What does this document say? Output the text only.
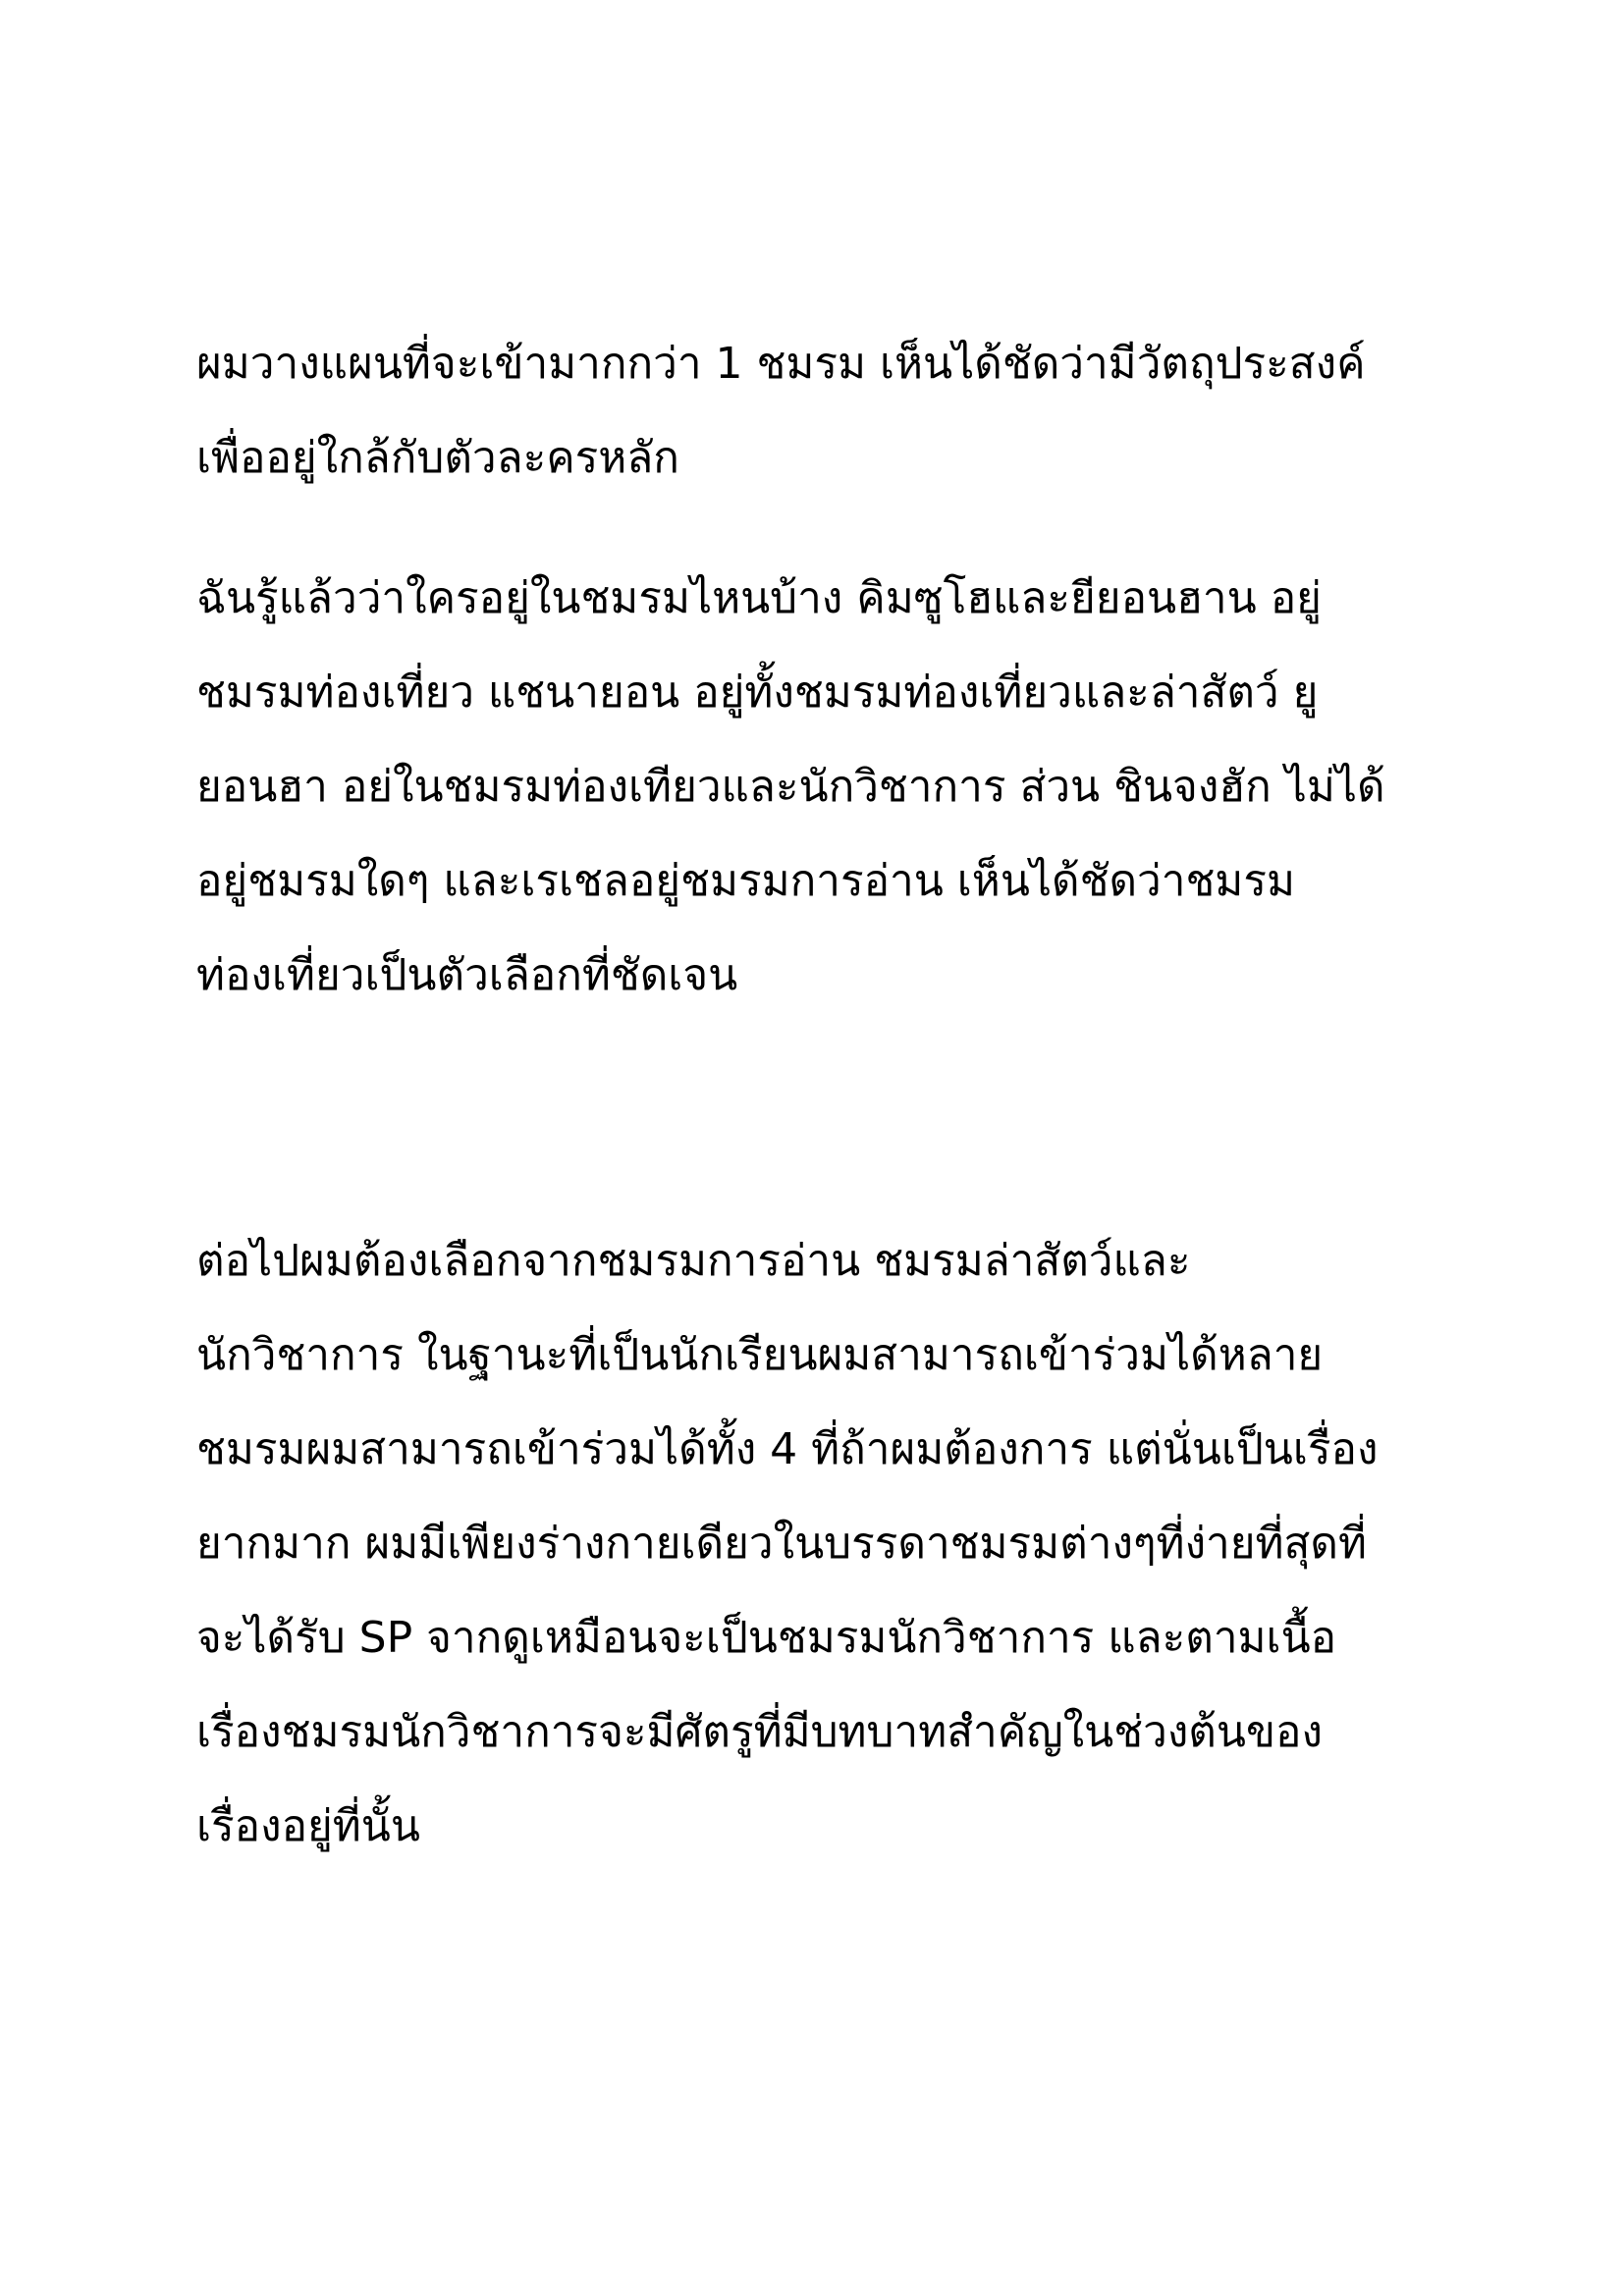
ผมวางแผนที่จะเข้ามากกว่า 1 ชมรม เห็นได้ชัดว่ามีวัตถุประสงค์
เพื่ออยู่ใกล้กับตัวละครหลัก
ฉันรู้แล้วว่าใครอยู่ในชมรมไหนบ้าง คิมซูโฮและยียอนฮาน อยู่
ชมรมท่องเที่ยว แชนายอน อยู่ทั้งชมรมท่องเที่ยวและล่าสัตว์ ยู
ยอนฮา อย่ในชมรมท่องเทียวและนักวิชาการ ส่วน ชินจงฮัก ไม่ได้
อยู่ชมรมใดๆ และเรเชลอยู่ชมรมการอ่าน เห็นได้ชัดว่าชมรม
ท่องเที่ยวเป็นตัวเลือกที่ชัดเจน
ต่อไปผมต้องเลือกจากชมรมการอ่าน ชมรมล่าสัตว์และ
นักวิชาการ ในฐานะที่เป็นนักเรียนผมสามารถเข้าร่วมได้หลาย
ชมรมผมสามารถเข้าร่วมได้ทั้ง 4 ที่ถ้าผมต้องการ แต่นั่นเป็นเรื่อง
ยากมาก ผมมีเพียงร่างกายเดียวในบรรดาชมรมต่างๆที่ง่ายที่สุดที่
จะได้รับ SP จากดูเหมือนจะเป็นชมรมนักวิชาการ และตามเนื้อ
เรื่องชมรมนักวิชาการจะมีศัตรูที่มีบทบาทสำคัญในช่วงต้นของ
เรื่องอยู่ที่นั้น
